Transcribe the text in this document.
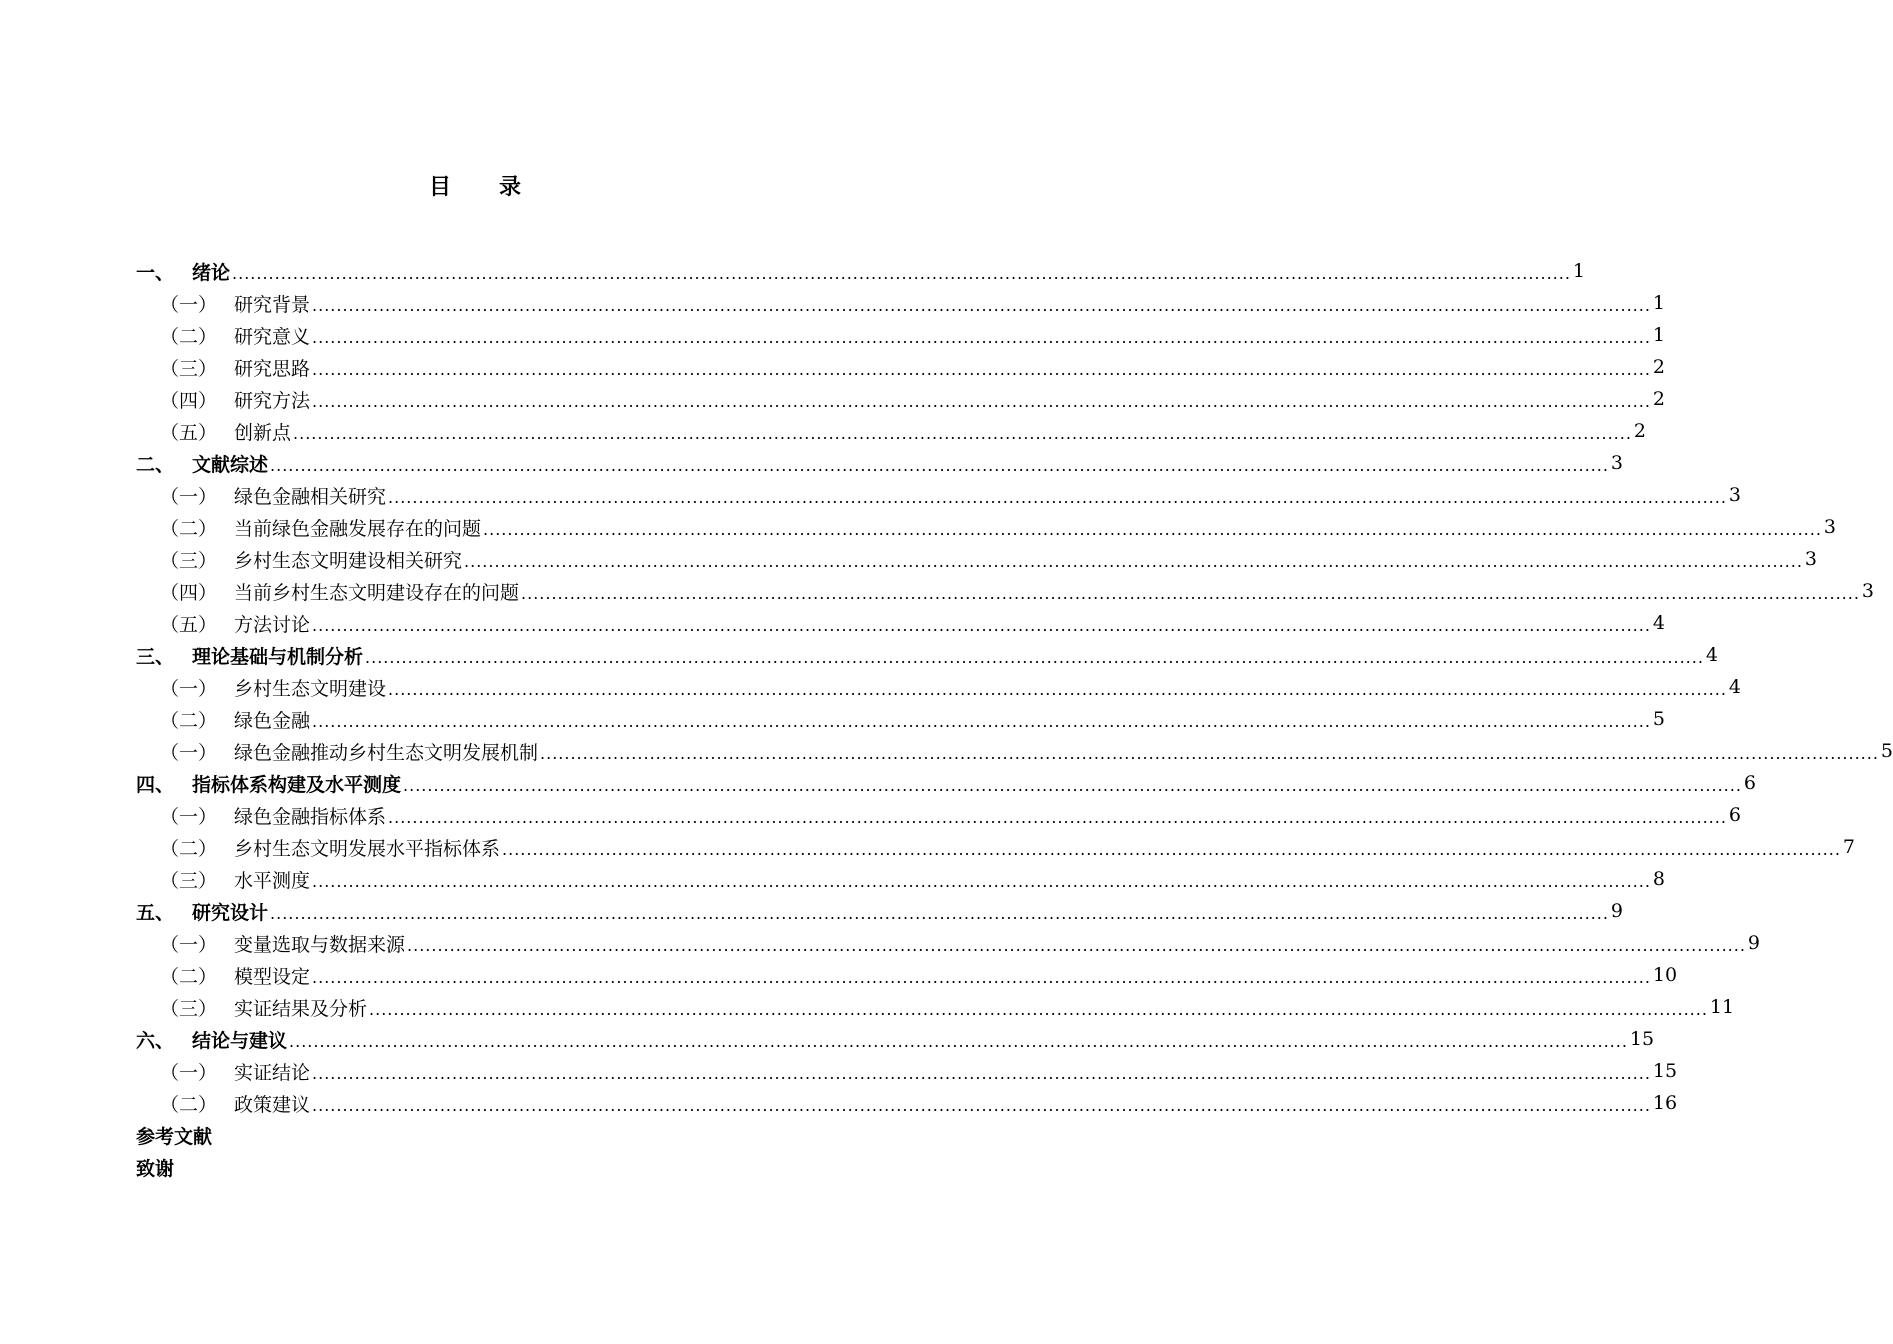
目 录
一、 绪论 ............................................................................................................................................................................................................................ 1
（一） 研究背景 ............................................................................................................................................................................................................................ 1
（二） 研究意义 ............................................................................................................................................................................................................................ 1
（三） 研究思路 ............................................................................................................................................................................................................................ 2
（四） 研究方法 ............................................................................................................................................................................................................................ 2
（五） 创新点 ............................................................................................................................................................................................................................ 2
二、 文献综述 ............................................................................................................................................................................................................................ 3
（一） 绿色金融相关研究 ............................................................................................................................................................................................................................ 3
（二） 当前绿色金融发展存在的问题 ............................................................................................................................................................................................................................ 3
（三） 乡村生态文明建设相关研究 ............................................................................................................................................................................................................................ 3
（四） 当前乡村生态文明建设存在的问题 ............................................................................................................................................................................................................................ 3
（五） 方法讨论 ............................................................................................................................................................................................................................ 4
三、 理论基础与机制分析 ............................................................................................................................................................................................................................ 4
（一） 乡村生态文明建设 ............................................................................................................................................................................................................................ 4
（二） 绿色金融 ............................................................................................................................................................................................................................ 5
（一） 绿色金融推动乡村生态文明发展机制 ............................................................................................................................................................................................................................ 5
四、 指标体系构建及水平测度 ............................................................................................................................................................................................................................ 6
（一） 绿色金融指标体系 ............................................................................................................................................................................................................................ 6
（二） 乡村生态文明发展水平指标体系 ............................................................................................................................................................................................................................ 7
（三） 水平测度 ............................................................................................................................................................................................................................ 8
五、 研究设计 ............................................................................................................................................................................................................................ 9
（一） 变量选取与数据来源 ............................................................................................................................................................................................................................ 9
（二） 模型设定 ............................................................................................................................................................................................................................ 10
（三） 实证结果及分析 ............................................................................................................................................................................................................................ 11
六、 结论与建议 ............................................................................................................................................................................................................................ 15
（一） 实证结论 ............................................................................................................................................................................................................................ 15
（二） 政策建议 ............................................................................................................................................................................................................................ 16
参考文献
致谢
